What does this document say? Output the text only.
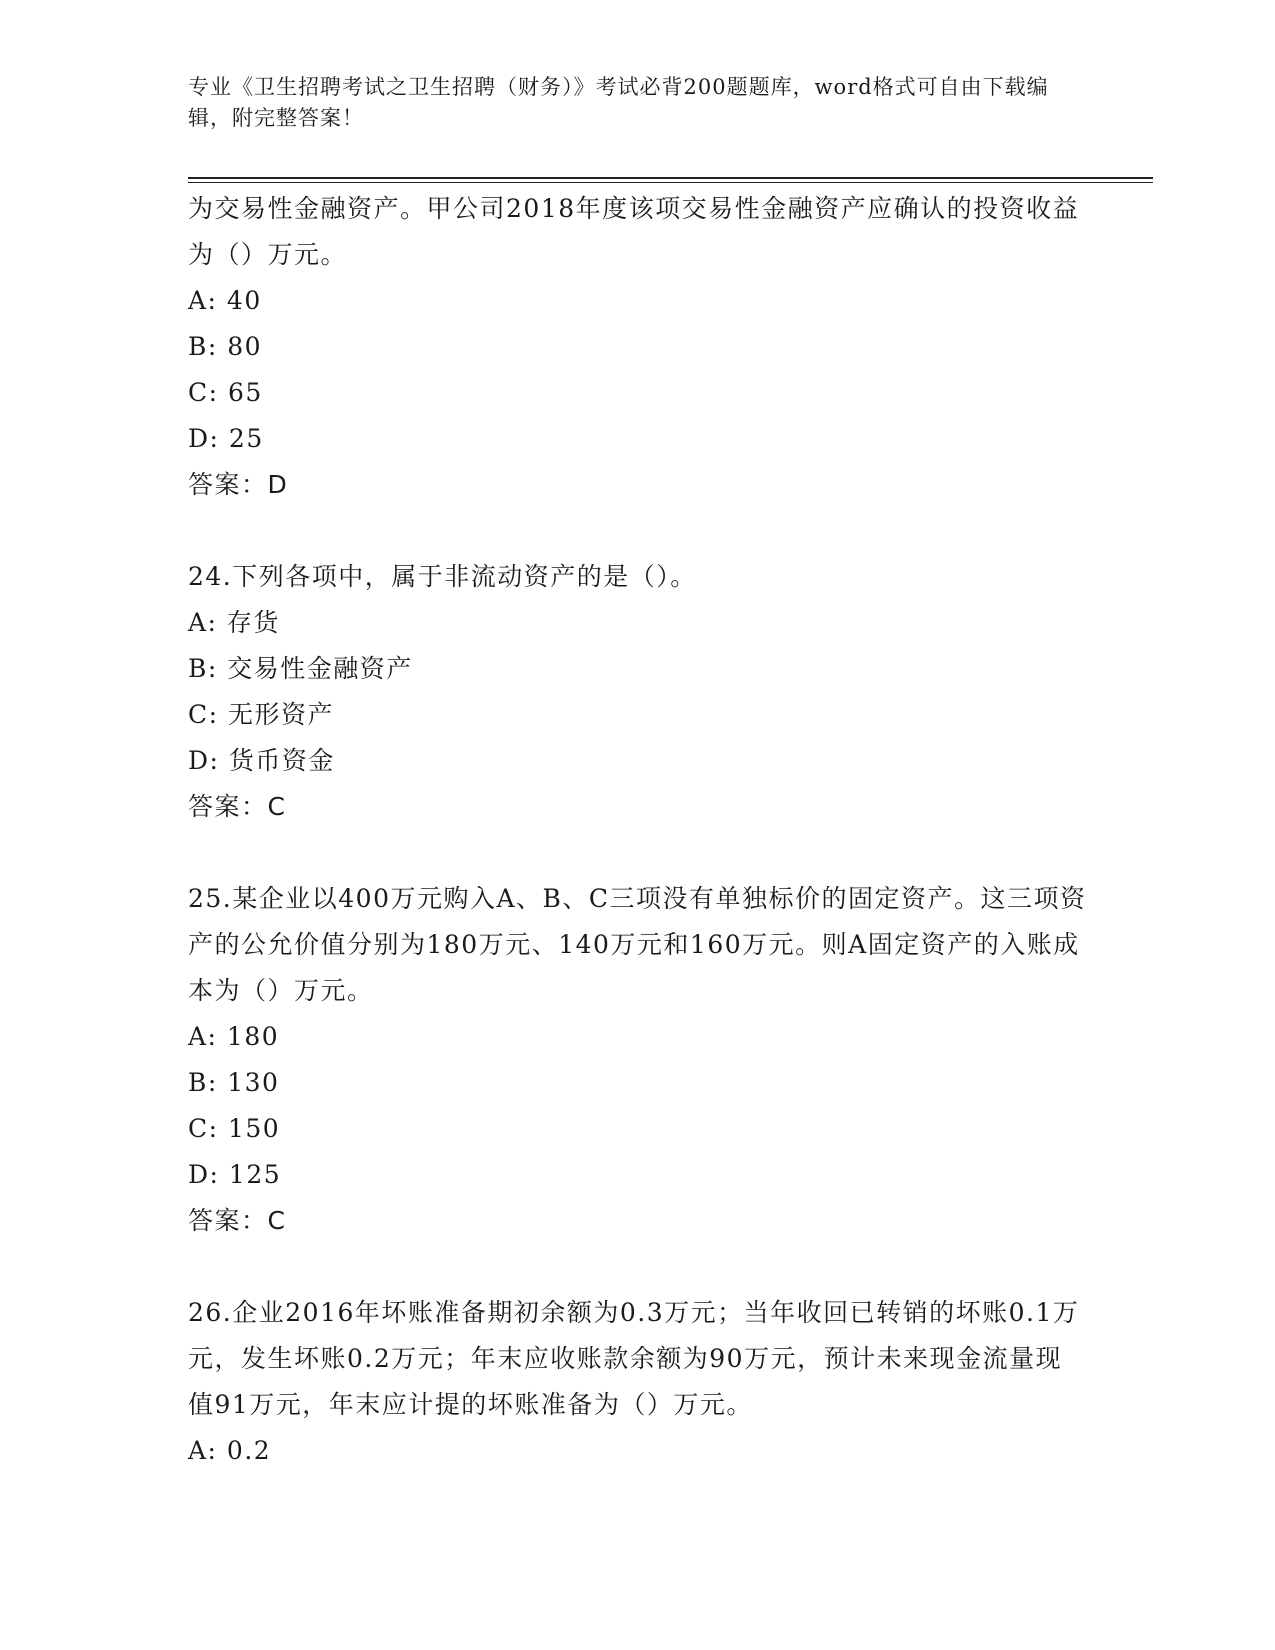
专业《卫生招聘考试之卫生招聘（财务）》考试必背200题题库，word格式可自由下载编辑，附完整答案！

为交易性金融资产。甲公司2018年度该项交易性金融资产应确认的投资收益为（）万元。

A: 40

B: 80

C: 65

D: 25

答案：D

24.下列各项中，属于非流动资产的是（）。

A: 存货

B: 交易性金融资产

C: 无形资产

D: 货币资金

答案：C

25.某企业以400万元购入A、B、C三项没有单独标价的固定资产。这三项资产的公允价值分别为180万元、140万元和160万元。则A固定资产的入账成本为（）万元。

A: 180

B: 130

C: 150

D: 125

答案：C

26.企业2016年坏账准备期初余额为0.3万元；当年收回已转销的坏账0.1万元，发生坏账0.2万元；年末应收账款余额为90万元，预计未来现金流量现值91万元，年末应计提的坏账准备为（）万元。

A: 0.2
